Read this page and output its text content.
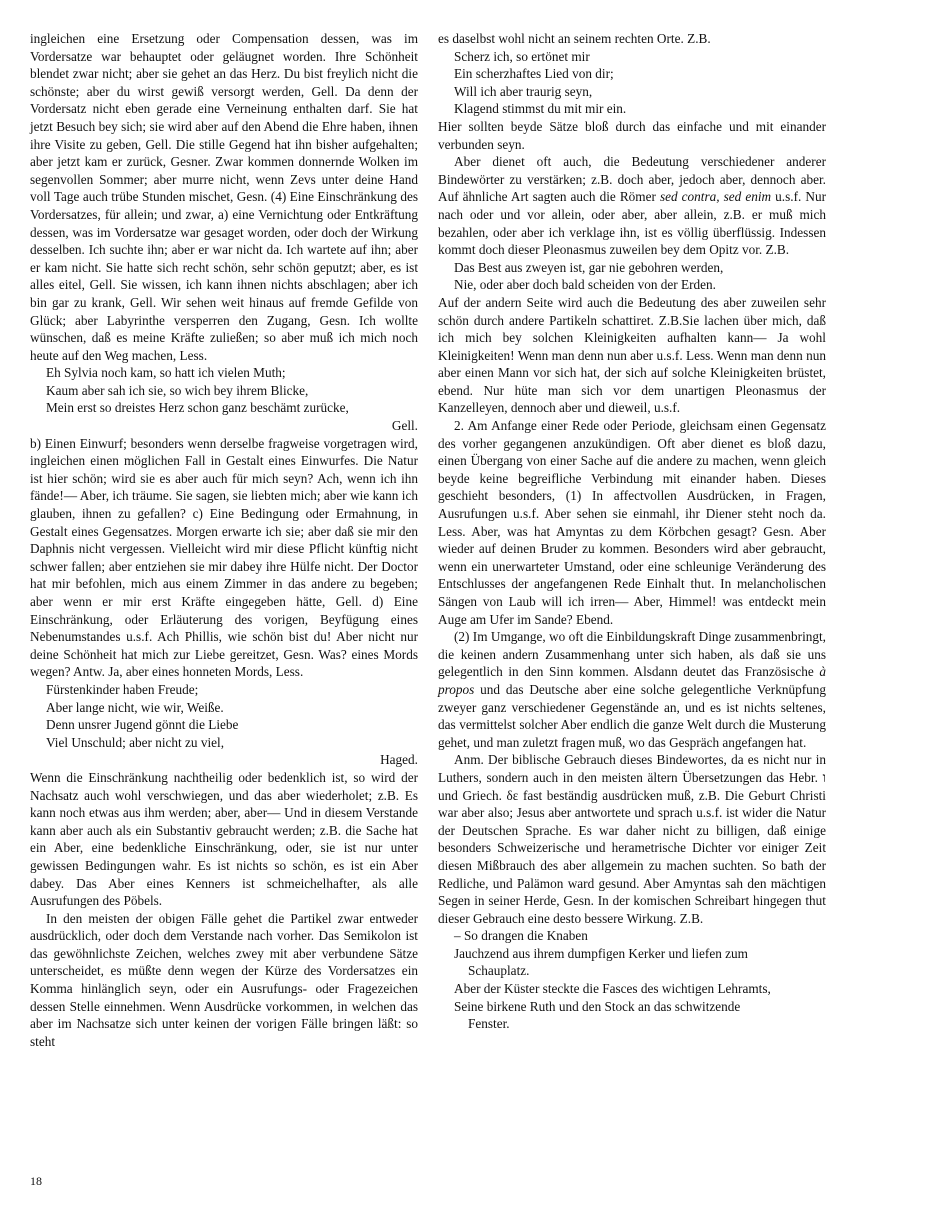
ingleichen eine Ersetzung oder Compensation dessen, was im Vordersatze war behauptet oder geläugnet worden. Ihre Schönheit blendet zwar nicht; aber sie gehet an das Herz. Du bist freylich nicht die schönste; aber du wirst gewiß versorgt werden, Gell. Da denn der Vordersatz nicht eben gerade eine Verneinung enthalten darf. Sie hat jetzt Besuch bey sich; sie wird aber auf den Abend die Ehre haben, ihnen ihre Visite zu geben, Gell. Die stille Gegend hat ihn bisher aufgehalten; aber jetzt kam er zurück, Gesner. Zwar kommen donnernde Wolken im segenvollen Sommer; aber murre nicht, wenn Zevs unter deine Hand voll Tage auch trübe Stunden mischet, Gesn. (4) Eine Einschränkung des Vordersatzes, für allein; und zwar, a) eine Vernichtung oder Entkräftung dessen, was im Vordersatze war gesaget worden, oder doch der Wirkung desselben. Ich suchte ihn; aber er war nicht da. Ich wartete auf ihn; aber er kam nicht. Sie hatte sich recht schön, sehr schön geputzt; aber, es ist alles eitel, Gell. Sie wissen, ich kann ihnen nichts abschlagen; aber ich bin gar zu krank, Gell. Wir sehen weit hinaus auf fremde Gefilde von Glück; aber Labyrinthe versperren den Zugang, Gesn. Ich wollte wünschen, daß es meine Kräfte zuließen; so aber muß ich mich noch heute auf den Weg machen, Less.

Eh Sylvia noch kam, so hatt ich vielen Muth;
Kaum aber sah ich sie, so wich bey ihrem Blicke,
Mein erst so dreistes Herz schon ganz beschämt zurücke,

Gell.

b) Einen Einwurf; besonders wenn derselbe fragweise vorgetragen wird, ingleichen einen möglichen Fall in Gestalt eines Einwurfes. Die Natur ist hier schön; wird sie es aber auch für mich seyn? Ach, wenn ich ihn fände!— Aber, ich träume. Sie sagen, sie liebten mich; aber wie kann ich glauben, ihnen zu gefallen? c) Eine Bedingung oder Ermahnung, in Gestalt eines Gegensatzes. Morgen erwarte ich sie; aber daß sie mir den Daphnis nicht vergessen. Vielleicht wird mir diese Pflicht künftig nicht schwer fallen; aber entziehen sie mir dabey ihre Hülfe nicht. Der Doctor hat mir befohlen, mich aus einem Zimmer in das andere zu begeben; aber wenn er mir erst Kräfte eingegeben hätte, Gell. d) Eine Einschränkung, oder Erläuterung des vorigen, Beyfügung eines Nebenumstandes u.s.f. Ach Phillis, wie schön bist du! Aber nicht nur deine Schönheit hat mich zur Liebe gereitzet, Gesn. Was? eines Mords wegen? Antw. Ja, aber eines honneten Mords, Less.

Fürstenkinder haben Freude;
Aber lange nicht, wie wir, Weiße.
Denn unsrer Jugend gönnt die Liebe
Viel Unschuld; aber nicht zu viel,

Haged.

Wenn die Einschränkung nachtheilig oder bedenklich ist, so wird der Nachsatz auch wohl verschwiegen, und das aber wiederholet; z.B. Es kann noch etwas aus ihm werden; aber, aber— Und in diesem Verstande kann aber auch als ein Substantiv gebraucht werden; z.B. die Sache hat ein Aber, eine bedenkliche Einschränkung, oder, sie ist nur unter gewissen Bedingungen wahr. Es ist nichts so schön, es ist ein Aber dabey. Das Aber eines Kenners ist schmeichelhafter, als alle Ausrufungen des Pöbels.

In den meisten der obigen Fälle gehet die Partikel zwar entweder ausdrücklich, oder doch dem Verstande nach vorher. Das Semikolon ist das gewöhnlichste Zeichen, welches zwey mit aber verbundene Sätze unterscheidet, es müßte denn wegen der Kürze des Vordersatzes ein Komma hinlänglich seyn, oder ein Ausrufungs- oder Fragezeichen dessen Stelle einnehmen. Wenn Ausdrücke vorkommen, in welchen das aber im Nachsatze sich unter keinen der vorigen Fälle bringen läßt: so steht

es daselbst wohl nicht an seinem rechten Orte. Z.B.

Scherz ich, so ertönet mir
Ein scherzhaftes Lied von dir;
Will ich aber traurig seyn,
Klagend stimmst du mit mir ein.

Hier sollten beyde Sätze bloß durch das einfache und mit einander verbunden seyn.

Aber dienet oft auch, die Bedeutung verschiedener anderer Bindewörter zu verstärken; z.B. doch aber, jedoch aber, dennoch aber. Auf ähnliche Art sagten auch die Römer sed contra, sed enim u.s.f. Nur nach oder und vor allein, oder aber, aber allein, z.B. er muß mich bezahlen, oder aber ich verklage ihn, ist es völlig überflüssig. Indessen kommt doch dieser Pleonasmus zuweilen bey dem Opitz vor. Z.B.

Das Best aus zweyen ist, gar nie gebohren werden,
Nie, oder aber doch bald scheiden von der Erden.

Auf der andern Seite wird auch die Bedeutung des aber zuweilen sehr schön durch andere Partikeln schattiret. Z.B.Sie lachen über mich, daß ich mich bey solchen Kleinigkeiten aufhalten kann— Ja wohl Kleinigkeiten! Wenn man denn nun aber u.s.f. Less. Wenn man denn nun aber einen Mann vor sich hat, der sich auf solche Kleinigkeiten brüstet, ebend. Nur hüte man sich vor dem unartigen Pleonasmus der Kanzelleyen, dennoch aber und dieweil, u.s.f.

2. Am Anfange einer Rede oder Periode, gleichsam einen Gegensatz des vorher gegangenen anzukündigen. Oft aber dienet es bloß dazu, einen Übergang von einer Sache auf die andere zu machen, wenn gleich beyde keine begreifliche Verbindung mit einander haben. Dieses geschieht besonders, (1) In affectvollen Ausdrücken, in Fragen, Ausrufungen u.s.f. Aber sehen sie einmahl, ihr Diener steht noch da. Less. Aber, was hat Amyntas zu dem Körbchen gesagt? Gesn. Aber wieder auf deinen Bruder zu kommen. Besonders wird aber gebraucht, wenn ein unerwarteter Umstand, oder eine schleunige Veränderung des Entschlusses der angefangenen Rede Einhalt thut. In melancholischen Sängen von Laub will ich irren— Aber, Himmel! was entdeckt mein Auge am Ufer im Sande? Ebend.

(2) Im Umgange, wo oft die Einbildungskraft Dinge zusammenbringt, die keinen andern Zusammenhang unter sich haben, als daß sie uns gelegentlich in den Sinn kommen. Alsdann deutet das Französische à propos und das Deutsche aber eine solche gelegentliche Verknüpfung zweyer ganz verschiedener Gegenstände an, und es ist nichts seltenes, das vermittelst solcher Aber endlich die ganze Welt durch die Musterung gehet, und man zuletzt fragen muß, wo das Gespräch angefangen hat.

Anm. Der biblische Gebrauch dieses Bindewortes, da es nicht nur in Luthers, sondern auch in den meisten ältern Übersetzungen das Hebr. ו und Griech. δε fast beständig ausdrücken muß, z.B. Die Geburt Christi war aber also; Jesus aber antwortete und sprach u.s.f. ist wider die Natur der Deutschen Sprache. Es war daher nicht zu billigen, daß einige besonders Schweizerische und herametrische Dichter vor einiger Zeit diesen Mißbrauch des aber allgemein zu machen suchten. So bath der Redliche, und Palämon ward gesund. Aber Amyntas sah den mächtigen Segen in seiner Herde, Gesn. In der komischen Schreibart hingegen thut dieser Gebrauch eine desto bessere Wirkung. Z.B.

– So drangen die Knaben
Jauchzend aus ihrem dumpfigen Kerker und liefen zum
Schauplatz.
Aber der Küster steckte die Fasces des wichtigen Lehramts,
Seine birkene Ruth und den Stock an das schwitzende
Fenster.
18
